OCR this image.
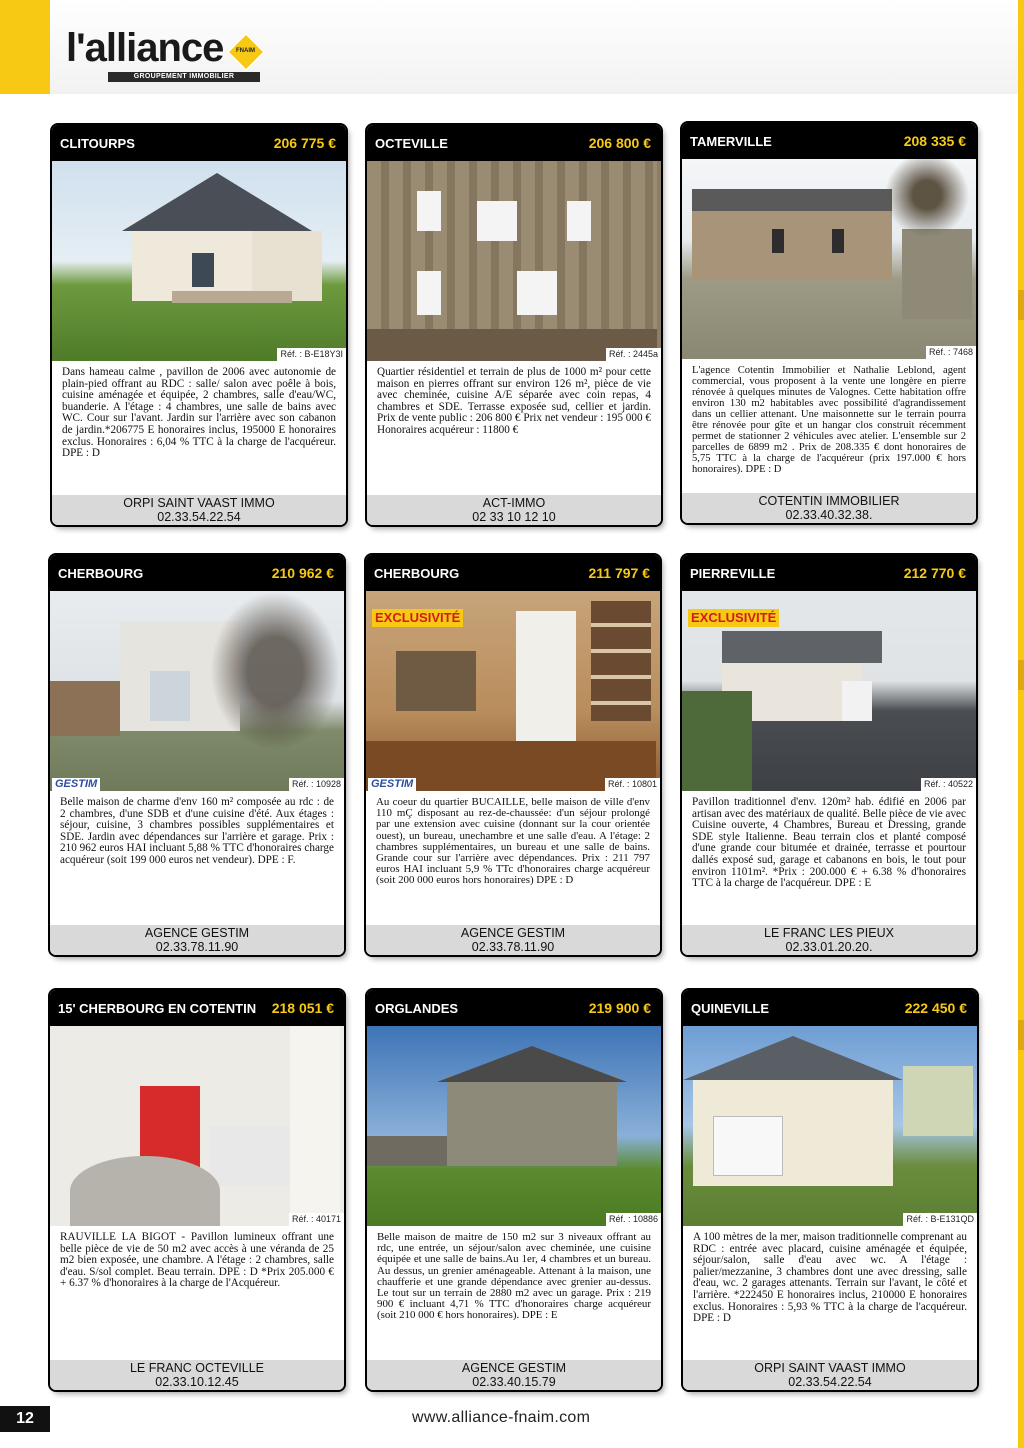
l'alliance FNAIM
GROUPEMENT IMMOBILIER
CLITOURPS	206 775 €
Réf. : B-E18Y3I
Dans hameau calme , pavillon de 2006 avec autonomie de plain-pied offrant au RDC : salle/ salon avec poêle à bois, cuisine aménagée et équipée, 2 chambres, salle d'eau/WC, buanderie. A l'étage : 4 chambres, une salle de bains avec WC. Cour sur l'avant. Jardin sur l'arrière avec son cabanon de jardin.*206775 E honoraires inclus, 195000 E honoraires exclus. Honoraires : 6,04 % TTC à la charge de l'acquéreur. DPE : D
ORPI SAINT VAAST IMMO
02.33.54.22.54
OCTEVILLE	206 800 €
Réf. : 2445a
Quartier résidentiel et terrain de plus de 1000 m² pour cette maison en pierres offrant sur environ 126 m², pièce de vie avec cheminée, cuisine A/E séparée avec coin repas, 4 chambres et SDE. Terrasse exposée sud, cellier et jardin. Prix de vente public : 206 800 € Prix net vendeur : 195 000 € Honoraires acquéreur : 11800 €
ACT-IMMO
02 33 10 12 10
TAMERVILLE	208 335 €
Réf. : 7468
L'agence Cotentin Immobilier et Nathalie Leblond, agent commercial, vous proposent à la vente une longère en pierre rénovée à quelques minutes de Valognes. Cette habitation offre environ 130 m2 habitables avec possibilité d'agrandissement dans un cellier attenant. Une maisonnette sur le terrain pourra être rénovée pour gîte et un hangar clos construit récemment permet de stationner 2 véhicules avec atelier. L'ensemble sur 2 parcelles de 6899 m2 . Prix de 208.335 € dont honoraires de 5,75 TTC à la charge de l'acquéreur (prix 197.000 € hors honoraires). DPE : D
COTENTIN IMMOBILIER
02.33.40.32.38.
CHERBOURG	210 962 €
GESTIM	Réf. : 10928
Belle maison de charme d'env 160 m² composée au rdc : de 2 chambres, d'une SDB et d'une cuisine d'été. Aux étages : séjour, cuisine, 3 chambres possibles supplémentaires et SDE. Jardin avec dépendances sur l'arrière et garage. Prix : 210 962 euros HAI incluant 5,88 % TTC d'honoraires charge acquéreur (soit 199 000 euros net vendeur). DPE : F.
AGENCE GESTIM
02.33.78.11.90
CHERBOURG	211 797 €
EXCLUSIVITÉ
GESTIM	Réf. : 10801
Au coeur du quartier BUCAILLE, belle maison de ville d'env 110 mÇ disposant au rez-de-chaussée: d'un séjour prolongé par une extension avec cuisine (donnant sur la cour orientée ouest), un bureau, unechambre et une salle d'eau. A l'étage: 2 chambres supplémentaires, un bureau et une salle de bains. Grande cour sur l'arrière avec dépendances. Prix : 211 797 euros HAI incluant 5,9 % TTc d'honoraires charge acquéreur (soit 200 000 euros hors honoraires) DPE : D
AGENCE GESTIM
02.33.78.11.90
PIERREVILLE	212 770 €
EXCLUSIVITÉ
Réf. : 40522
Pavillon traditionnel d'env. 120m² hab. édifié en 2006 par artisan avec des matériaux de qualité. Belle pièce de vie avec Cuisine ouverte, 4 Chambres, Bureau et Dressing, grande SDE style Italienne. Beau terrain clos et planté composé d'une grande cour bitumée et drainée, terrasse et pourtour dallés exposé sud, garage et cabanons en bois, le tout pour environ 1101m². *Prix : 200.000 € + 6.38 % d'honoraires TTC à la charge de l'acquéreur. DPE : E
LE FRANC LES PIEUX
02.33.01.20.20.
15' CHERBOURG EN COTENTIN 218 051 €
Réf. : 40171
RAUVILLE LA BIGOT - Pavillon lumineux offrant une belle pièce de vie de 50 m2 avec accès à une véranda de 25 m2 bien exposée, une chambre. A l'étage : 2 chambres, salle d'eau. S/sol complet. Beau terrain. DPE : D *Prix 205.000 € + 6.37 % d'honoraires à la charge de l'Acquéreur.
LE FRANC OCTEVILLE
02.33.10.12.45
ORGLANDES	219 900 €
Réf. : 10886
Belle maison de maitre de 150 m2 sur 3 niveaux offrant au rdc, une entrée, un séjour/salon avec cheminée, une cuisine équipée et une salle de bains.Au 1er, 4 chambres et un bureau. Au dessus, un grenier aménageable. Attenant à la maison, une chaufferie et une grande dépendance avec grenier au-dessus. Le tout sur un terrain de 2880 m2 avec un garage. Prix : 219 900 € incluant 4,71 % TTC d'honoraires charge acquéreur (soit 210 000 € hors honoraires). DPE : E
AGENCE GESTIM
02.33.40.15.79
QUINEVILLE	222 450 €
Réf. : B-E131QD
A 100 mètres de la mer, maison traditionnelle comprenant au RDC : entrée avec placard, cuisine aménagée et équipée, séjour/salon, salle d'eau avec wc. A l'étage : palier/mezzanine, 3 chambres dont une avec dressing, salle d'eau, wc. 2 garages attenants. Terrain sur l'avant, le côté et l'arrière. *222450 E honoraires inclus, 210000 E honoraires exclus. Honoraires : 5,93 % TTC à la charge de l'acquéreur. DPE : D
ORPI SAINT VAAST IMMO
02.33.54.22.54
12	www.alliance-fnaim.com
